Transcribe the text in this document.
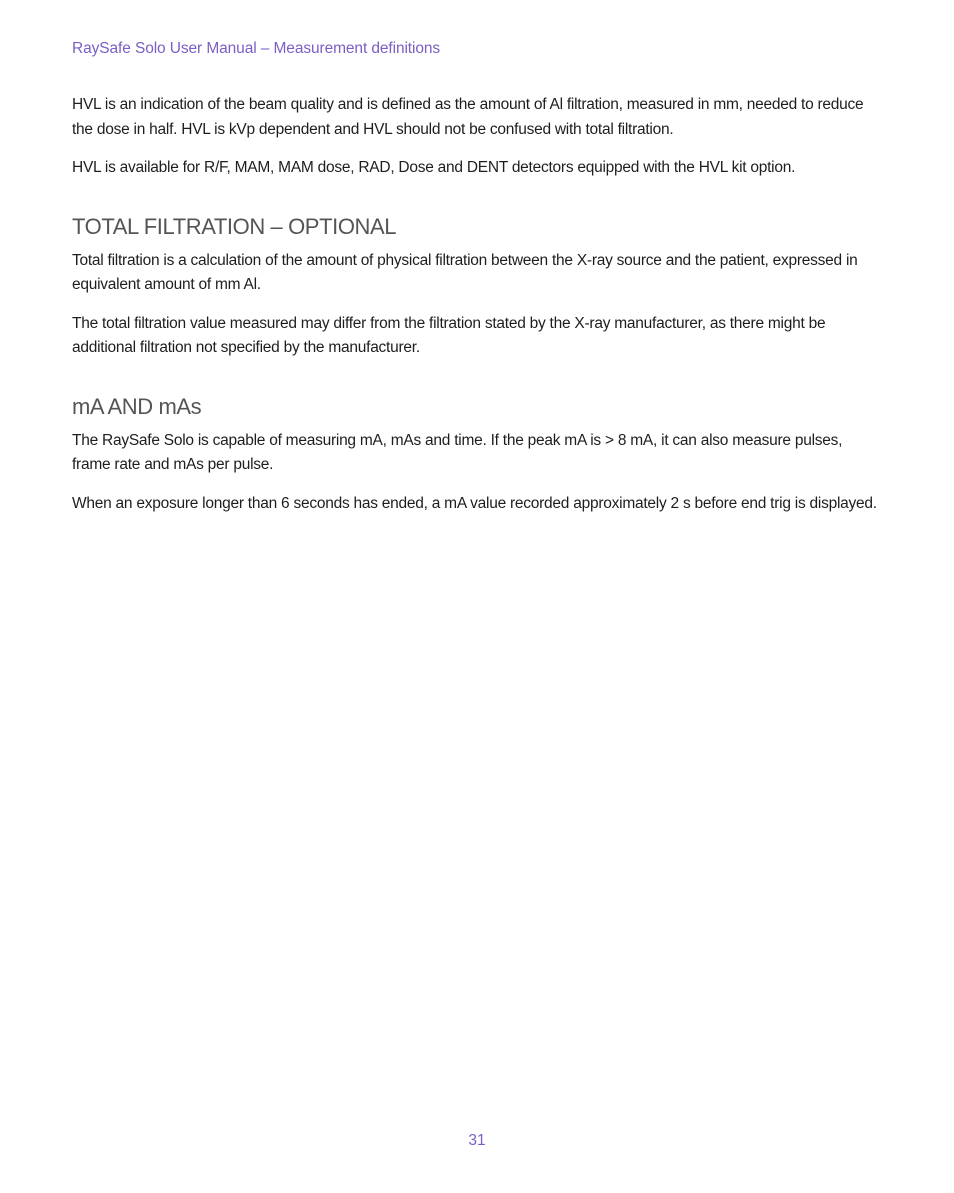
RaySafe Solo User Manual – Measurement definitions

HVL is an indication of the beam quality and is defined as the amount of Al filtration, measured in mm, needed to reduce the dose in half. HVL is kVp dependent and HVL should not be confused with total filtration.

HVL is available for R/F, MAM, MAM dose, RAD, Dose and DENT detectors equipped with the HVL kit option.

TOTAL FILTRATION – OPTIONAL

Total filtration is a calculation of the amount of physical filtration between the X-ray source and the patient, expressed in equivalent amount of mm Al.

The total filtration value measured may differ from the filtration stated by the X-ray manufacturer, as there might be additional filtration not specified by the manufacturer.

mA AND mAs

The RaySafe Solo is capable of measuring mA, mAs and time. If the peak mA is > 8 mA, it can also measure pulses, frame rate and mAs per pulse.

When an exposure longer than 6 seconds has ended, a mA value recorded approximately 2 s before end trig is displayed.

31
